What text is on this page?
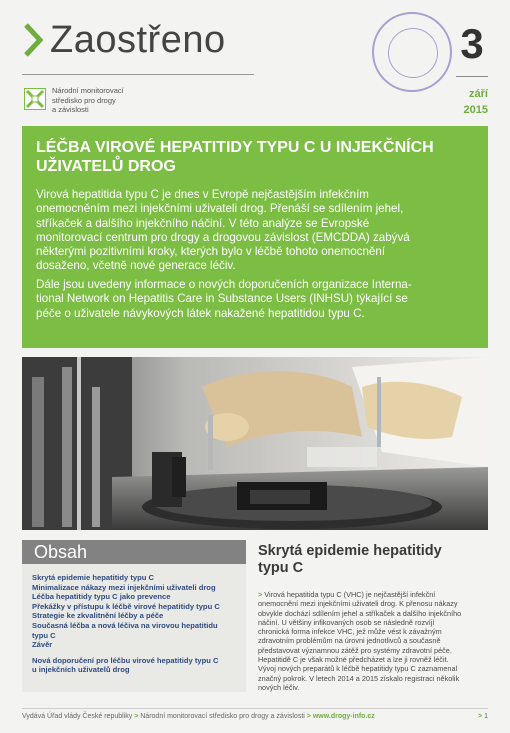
Zaostřeno
Národní monitorovací
středisko pro drogy
a závislosti
3
září
2015
LÉČBA VIROVÉ HEPATITIDY TYPU C U INJEKČNÍCH UŽIVATELŮ DROG
Virová hepatitida typu C je dnes v Evropě nejčastějším infekčním
onemocněním mezi injekčními uživateli drog. Přenáší se sdílením jehel,
stříkaček a dalšího injekčního náčiní. V této analýze se Evropské
monitorovací centrum pro drogy a drogovou závislost (EMCDDA) zabývá
některými pozitivními kroky, kterých bylo v léčbě tohoto onemocnění
dosaženo, včetně nové generace léčiv.
Dále jsou uvedeny informace o nových doporučeních organizace Interna-
tional Network on Hepatitis Care in Substance Users (INHSU) týkající se
péče o uživatele návykových látek nakažené hepatitidou typu C.
Obsah
Skrytá epidemie hepatitidy typu C
Minimalizace nákazy mezi injekčními uživateli drog
Léčba hepatitidy typu C jako prevence
Překážky v přístupu k léčbě virové hepatitidy typu C
Strategie ke zkvalitnění léčby a péče
Současná léčba a nová léčiva na virovou hepatitidu
typu C
Závěr
Nová doporučení pro léčbu virové hepatitidy typu C
u injekčních uživatelů drog
Skrytá epidemie hepatitidy
typu C
> Virová hepatitida typu C (VHC) je nejčastější infekční
onemocnění mezi injekčními uživateli drog. K přenosu nákazy
obvykle dochází sdílením jehel a stříkaček a dalšího injekčního
náčiní. U většiny infikovaných osob se následně rozvíjí
chronická forma infekce VHC, jež může vést k závažným
zdravotním problémům na úrovni jednotlivců a současně
představovat významnou zátěž pro systémy zdravotní péče.
Hepatitidě C je však možné předcházet a lze ji rovněž léčit.
Vývoj nových preparátů k léčbě hepatitidy typu C zaznamenal
značný pokrok. V letech 2014 a 2015 získalo registraci několik
nových léčiv.
Vydává Úřad vlády České republiky > Národní monitorovací středisko pro drogy a závislosti > www.drogy-info.cz	> 1
